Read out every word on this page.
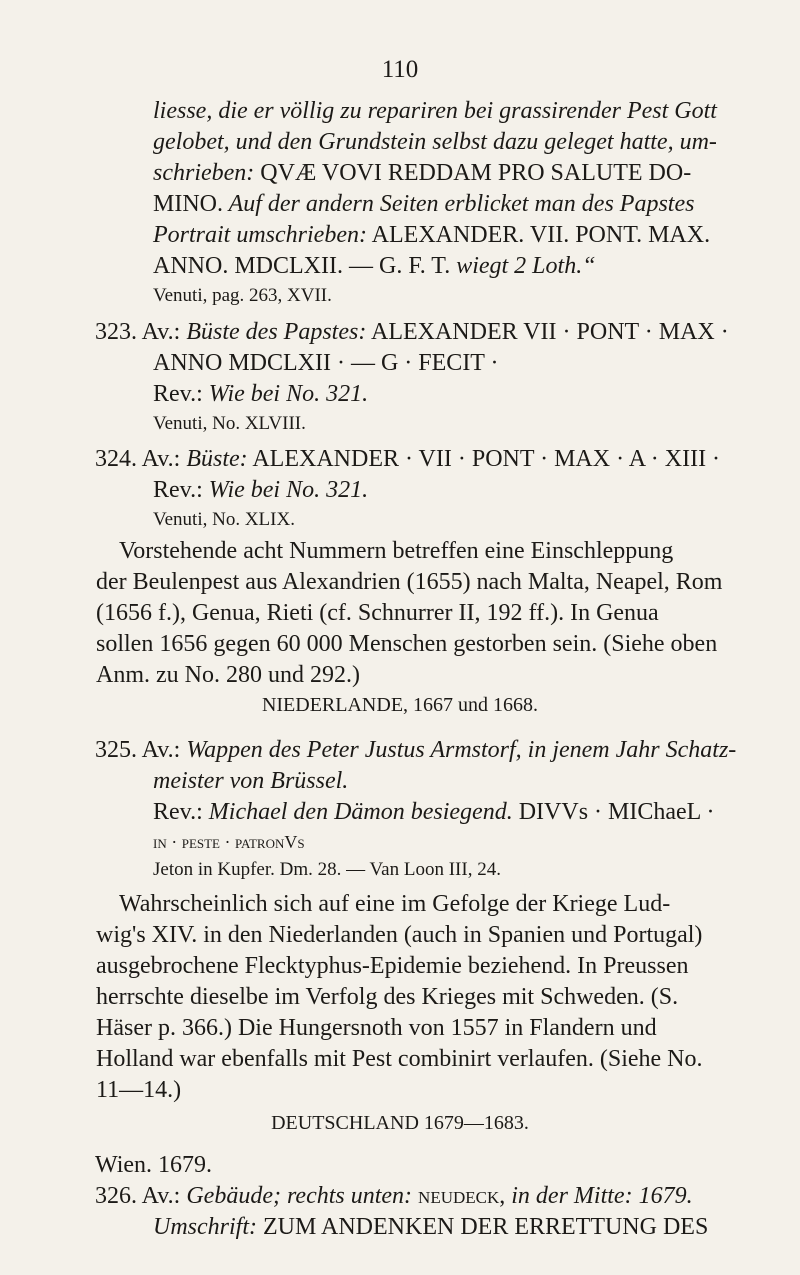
110
liesse, die er völlig zu repariren bei grassirender Pest Gott
gelobet, und den Grundstein selbst dazu geleget hatte, um-
schrieben: QVÆ VOVI REDDAM PRO SALUTE DO-
MINO. Auf der andern Seiten erblicket man des Papstes
Portrait umschrieben: ALEXANDER. VII. PONT. MAX.
ANNO. MDCLXII. — G. F. T. wiegt 2 Loth.“
Venuti, pag. 263, XVII.
323. Av.: Büste des Papstes: ALEXANDER VII · PONT · MAX ·
ANNO MDCLXII · — G · FECIT ·
Rev.: Wie bei No. 321.
Venuti, No. XLVIII.
324. Av.: Büste: ALEXANDER · VII · PONT · MAX · A · XIII ·
Rev.: Wie bei No. 321.
Venuti, No. XLIX.
Vorstehende acht Nummern betreffen eine Einschleppung
der Beulenpest aus Alexandrien (1655) nach Malta, Neapel, Rom
(1656 f.), Genua, Rieti (cf. Schnurrer II, 192 ff.). In Genua
sollen 1656 gegen 60 000 Menschen gestorben sein. (Siehe oben
Anm. zu No. 280 und 292.)
NIEDERLANDE, 1667 und 1668.
325. Av.: Wappen des Peter Justus Armstorf, in jenem Jahr Schatz-
meister von Brüssel.
Rev.: Michael den Dämon besiegend. DIVVs · MIChaeL ·
in · peste · patronVs
Jeton in Kupfer. Dm. 28. — Van Loon III, 24.
Wahrscheinlich sich auf eine im Gefolge der Kriege Lud-
wig's XIV. in den Niederlanden (auch in Spanien und Portugal)
ausgebrochene Flecktyphus-Epidemie beziehend. In Preussen
herrschte dieselbe im Verfolg des Krieges mit Schweden. (S.
Häser p. 366.) Die Hungersnoth von 1557 in Flandern und
Holland war ebenfalls mit Pest combinirt verlaufen. (Siehe No.
11—14.)
DEUTSCHLAND 1679—1683.
Wien. 1679.
326. Av.: Gebäude; rechts unten: neudeck, in der Mitte: 1679.
Umschrift: ZUM ANDENKEN DER ERRETTUNG DES
